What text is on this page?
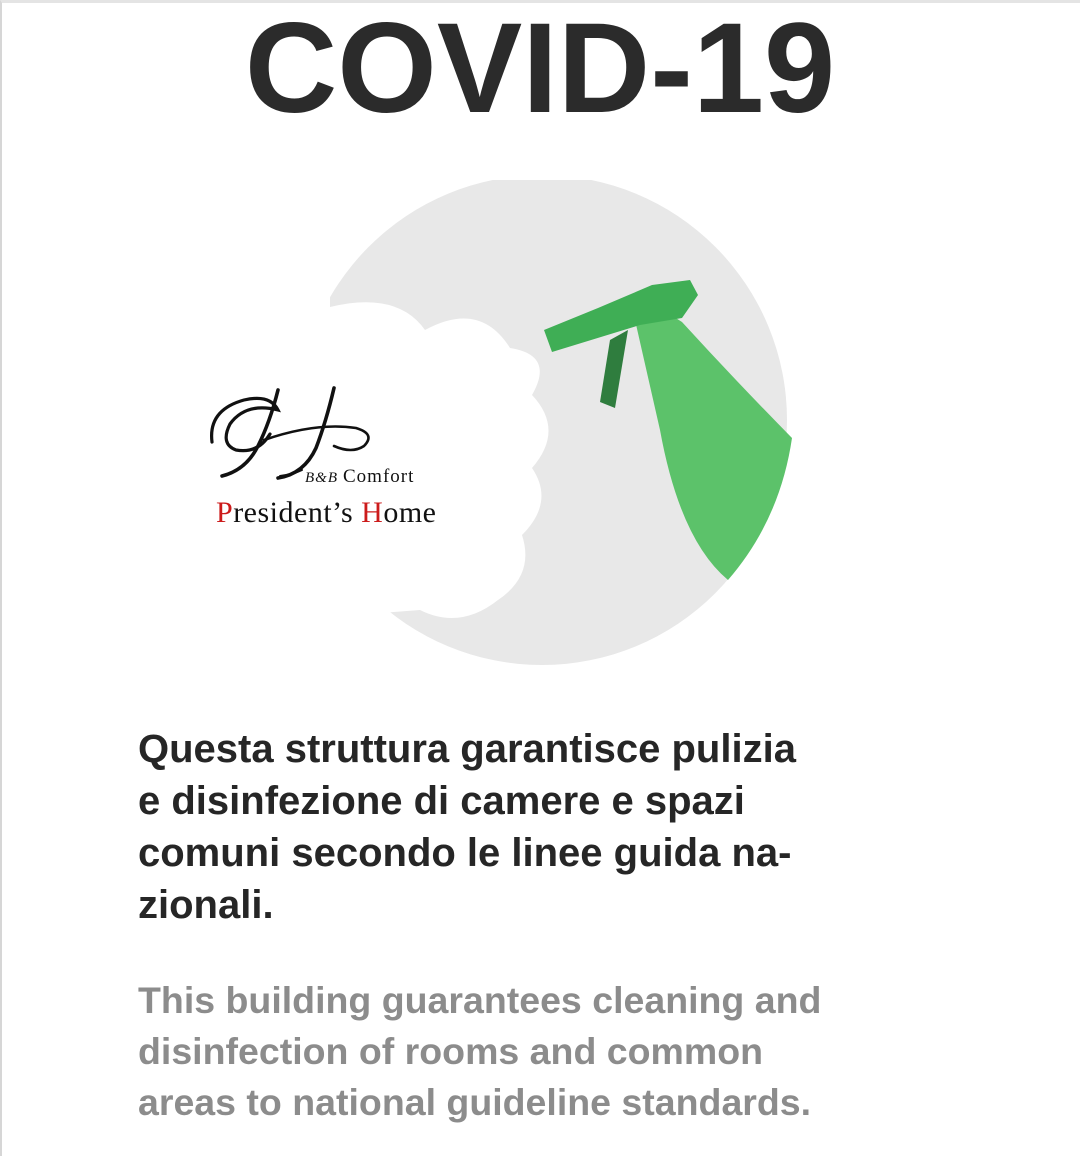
COVID-19
B&B Comfort
President’s Home
Questa struttura garantisce pulizia
e disinfezione di camere e spazi
comuni secondo le linee guida na-
zionali.
This building guarantees cleaning and
disinfection of rooms and common
areas to national guideline standards.
